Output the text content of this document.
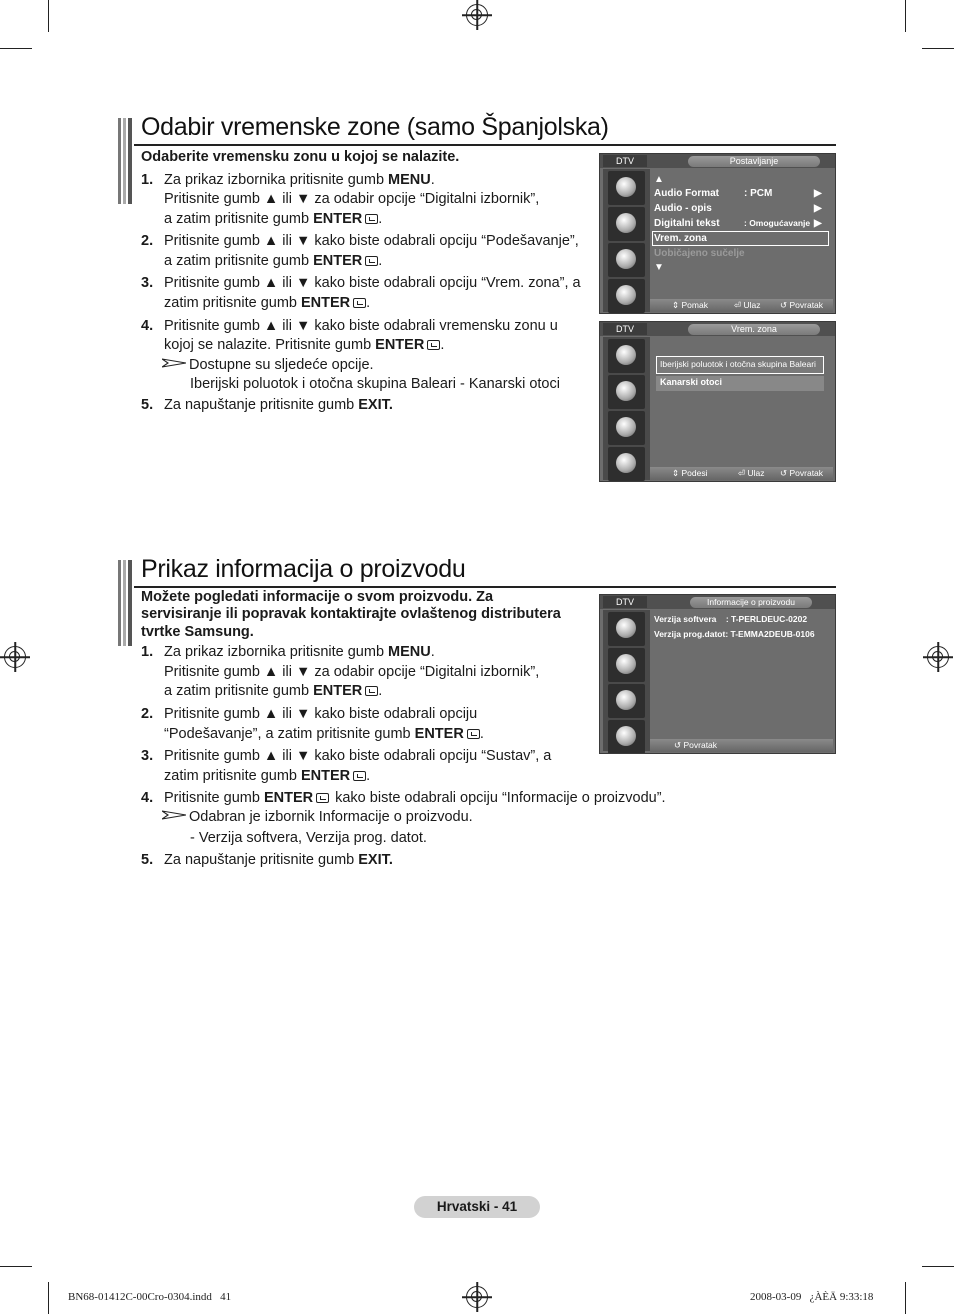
Odabir vremenske zone (samo Španjolska)
Odaberite vremensku zonu u kojoj se nalazite.
1. Za prikaz izbornika pritisnite gumb MENU.
Pritisnite gumb ▲ ili ▼ za odabir opcije “Digitalni izbornik”,
a zatim pritisnite gumb ENTER .
2. Pritisnite gumb ▲ ili ▼ kako biste odabrali opciju “Podešavanje”,
a zatim pritisnite gumb ENTER .
3. Pritisnite gumb ▲ ili ▼ kako biste odabrali opciju “Vrem. zona”, a
zatim pritisnite gumb ENTER .
4. Pritisnite gumb ▲ ili ▼ kako biste odabrali vremensku zonu u
kojoj se nalazite. Pritisnite gumb ENTER .
Dostupne su sljedeće opcije.
Iberijski poluotok i otočna skupina Baleari - Kanarski otoci
5. Za napuštanje pritisnite gumb EXIT.
DTV	Postavljanje
▲
Audio Format	: PCM	▶
Audio - opis	▶
Digitalni tekst	: Omogućavanje ▶
Vrem. zona
Uobičajeno sučelje
▼
⇕ Pomak	⏎ Ulaz ↺ Povratak
DTV	Vrem. zona
Iberijski poluotok i otočna skupina Baleari
Kanarski otoci
⇕ Podesi	⏎ Ulaz ↺ Povratak
Prikaz informacija o proizvodu
Možete pogledati informacije o svom proizvodu. Za
servisiranje ili popravak kontaktirajte ovlaštenog distributera
tvrtke Samsung.
1. Za prikaz izbornika pritisnite gumb MENU.
Pritisnite gumb ▲ ili ▼ za odabir opcije “Digitalni izbornik”,
a zatim pritisnite gumb ENTER .
2. Pritisnite gumb ▲ ili ▼ kako biste odabrali opciju
“Podešavanje”, a zatim pritisnite gumb ENTER .
3. Pritisnite gumb ▲ ili ▼ kako biste odabrali opciju “Sustav”, a
zatim pritisnite gumb ENTER .
4. Pritisnite gumb ENTER kako biste odabrali opciju “Informacije o proizvodu”.
Odabran je izbornik Informacije o proizvodu.
- Verzija softvera, Verzija prog. datot.
5. Za napuštanje pritisnite gumb EXIT.
DTV	Informacije o proizvodu
Verzija softvera    : T-PERLDEUC-0202
Verzija prog.datot: T-EMMA2DEUB-0106
↺ Povratak
Hrvatski - 41
BN68-01412C-00Cro-0304.indd   41	2008-03-09   ¿ÀÈÄ 9:33:18
